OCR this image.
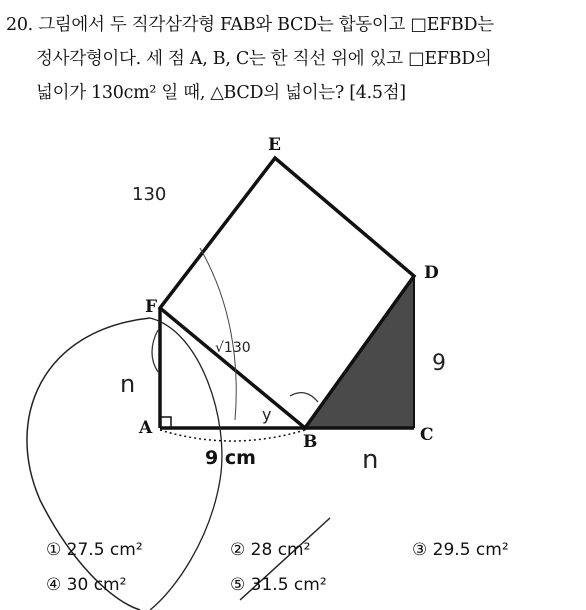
20. 그림에서 두 직각삼각형 FAB와 BCD는 합동이고 □EFBD는
정사각형이다. 세 점 A, B, C는 한 직선 위에 있고 □EFBD의
넓이가 130cm² 일 때, △BCD의 넓이는? [4.5점]
E
F
D
A
B	C
9 cm
130
√130
n
n
9
y
① 27.5 cm²	② 28 cm²	③ 29.5 cm²
④ 30 cm²	⑤ 31.5 cm²
